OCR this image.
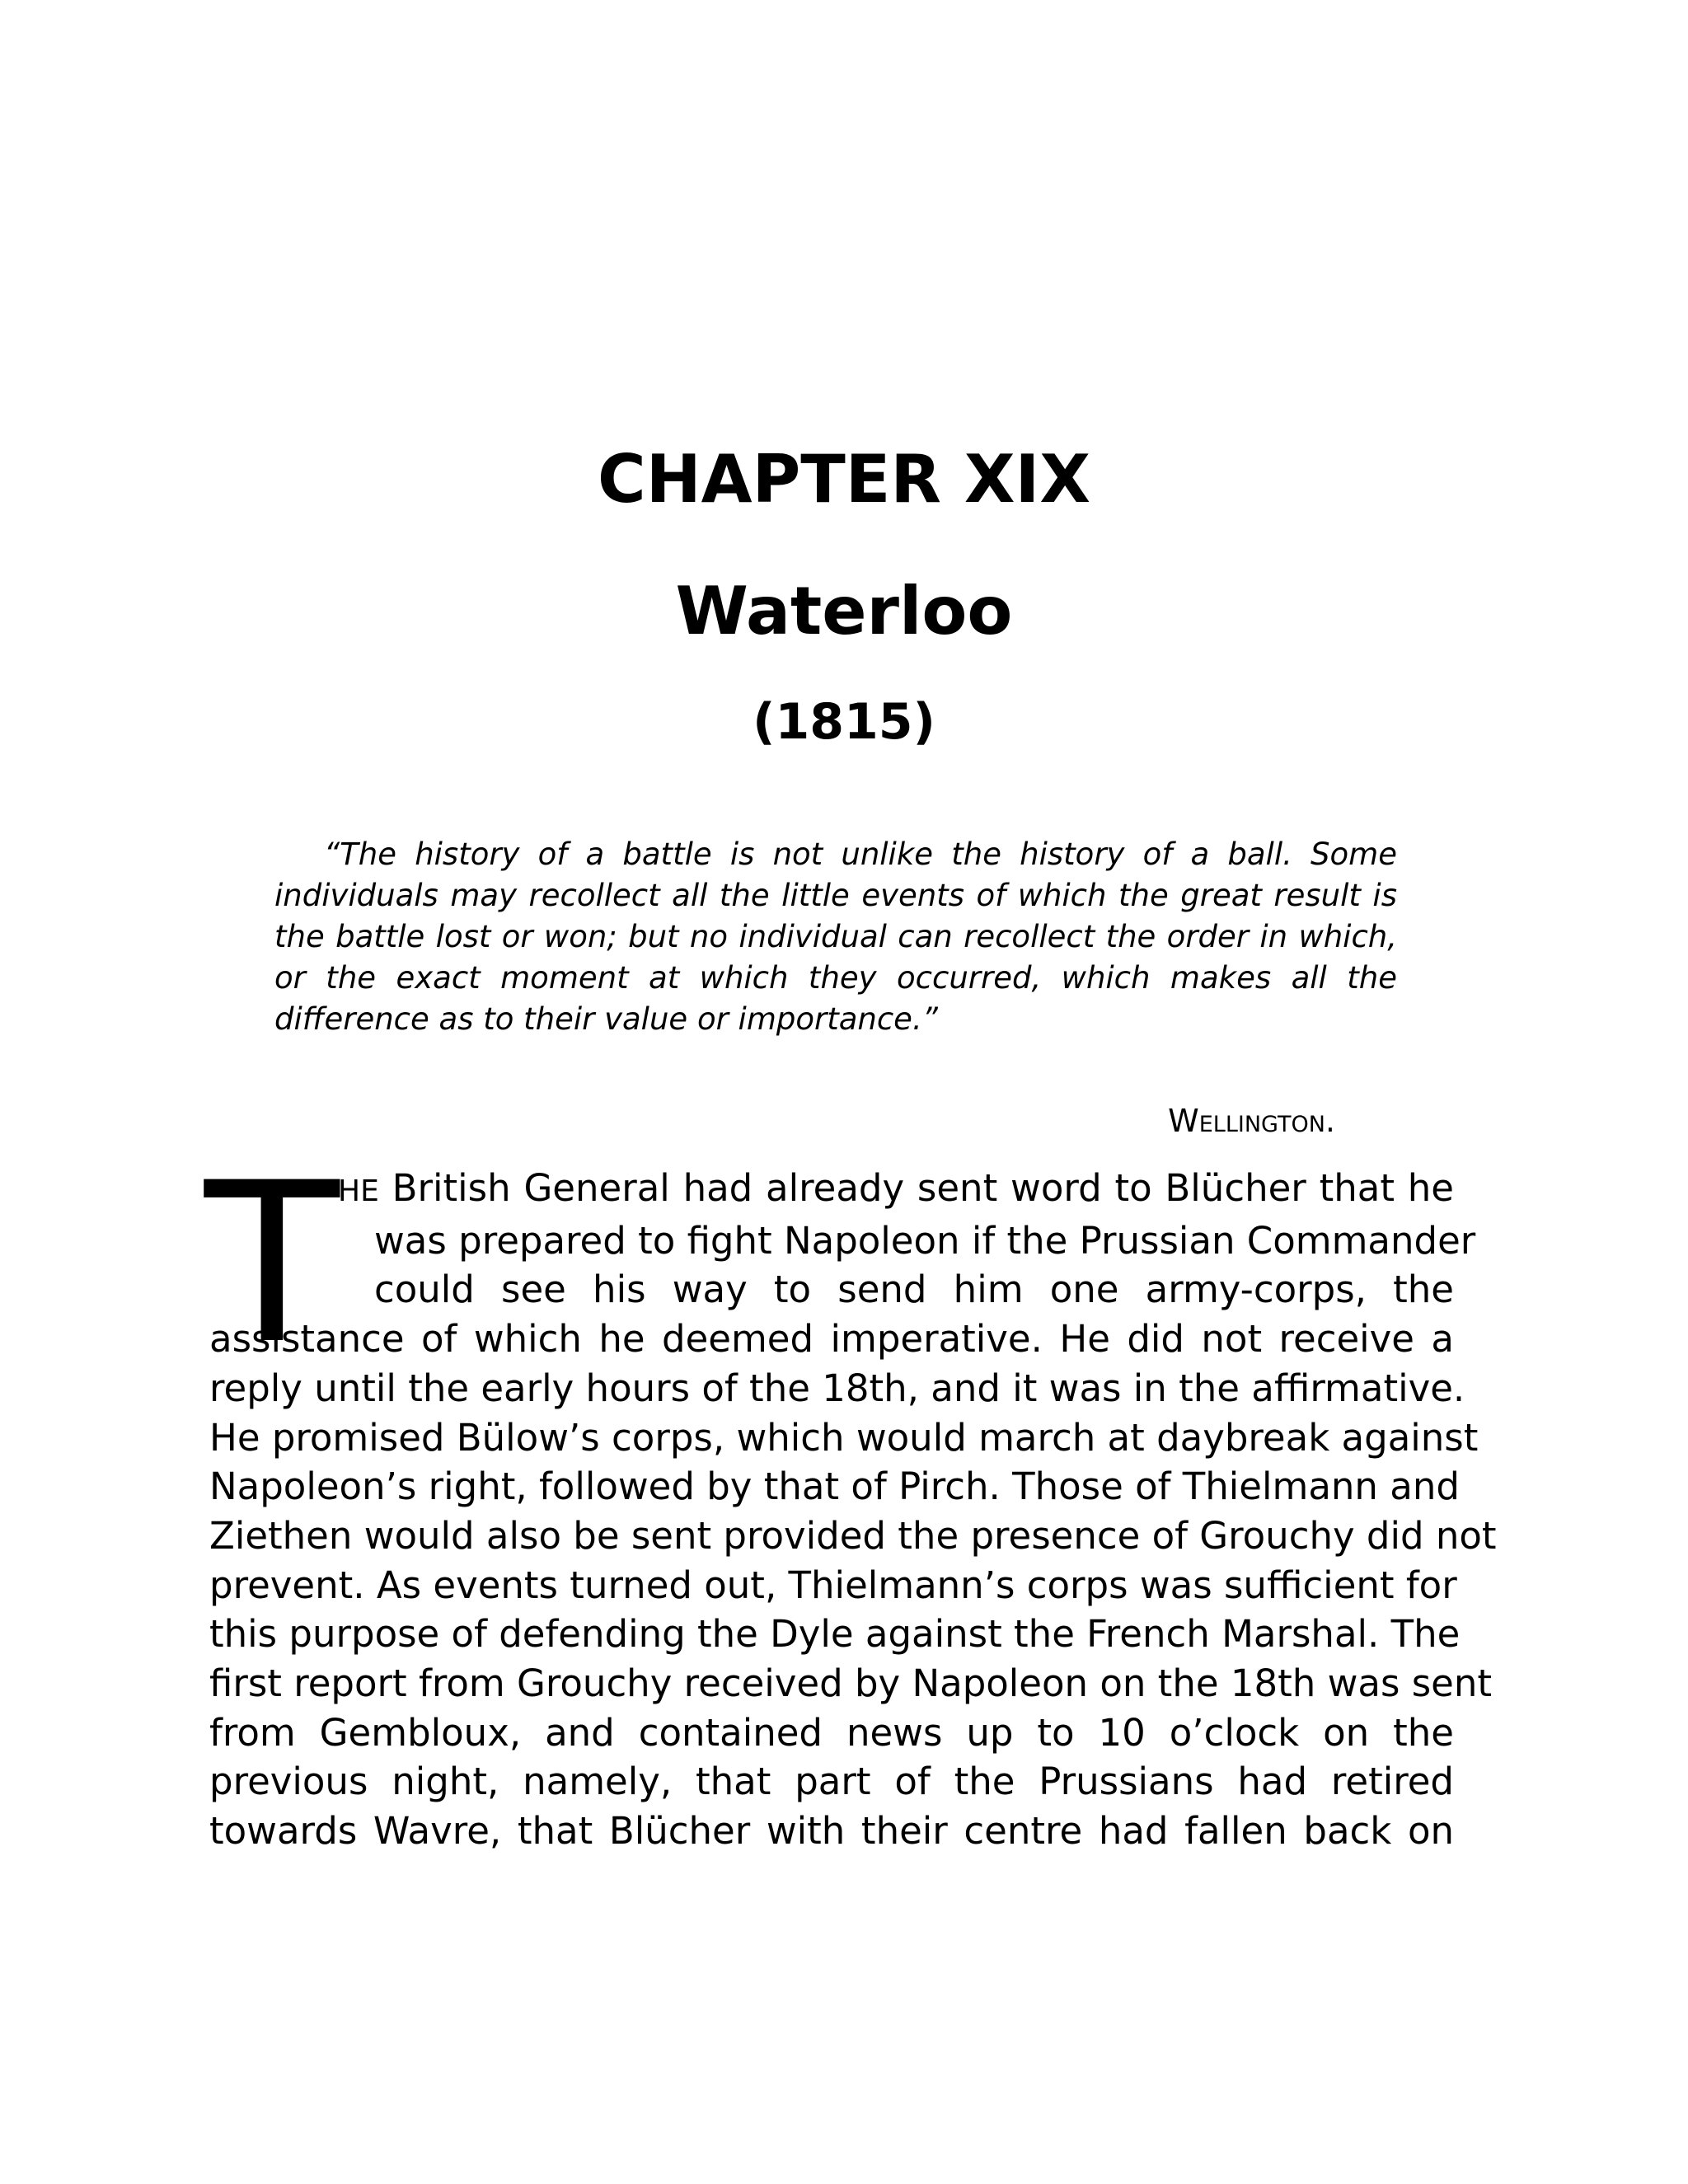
CHAPTER XIX
Waterloo
(1815)
“The history of a battle is not unlike the history of a ball. Some
individuals may recollect all the little events of which the great result is
the battle lost or won; but no individual can recollect the order in which,
or the exact moment at which they occurred, which makes all the
difference as to their value or importance.”
Wellington.
T
HE British General had already sent word to Blücher that he
was prepared to fight Napoleon if the Prussian Commander
could see his way to send him one army-corps, the
assistance of which he deemed imperative. He did not receive a
reply until the early hours of the 18th, and it was in the affirmative.
He promised Bülow’s corps, which would march at daybreak against
Napoleon’s right, followed by that of Pirch. Those of Thielmann and
Ziethen would also be sent provided the presence of Grouchy did not
prevent. As events turned out, Thielmann’s corps was sufficient for
this purpose of defending the Dyle against the French Marshal. The
first report from Grouchy received by Napoleon on the 18th was sent
from Gembloux, and contained news up to 10 o’clock on the
previous night, namely, that part of the Prussians had retired
towards Wavre, that Blücher with their centre had fallen back on
